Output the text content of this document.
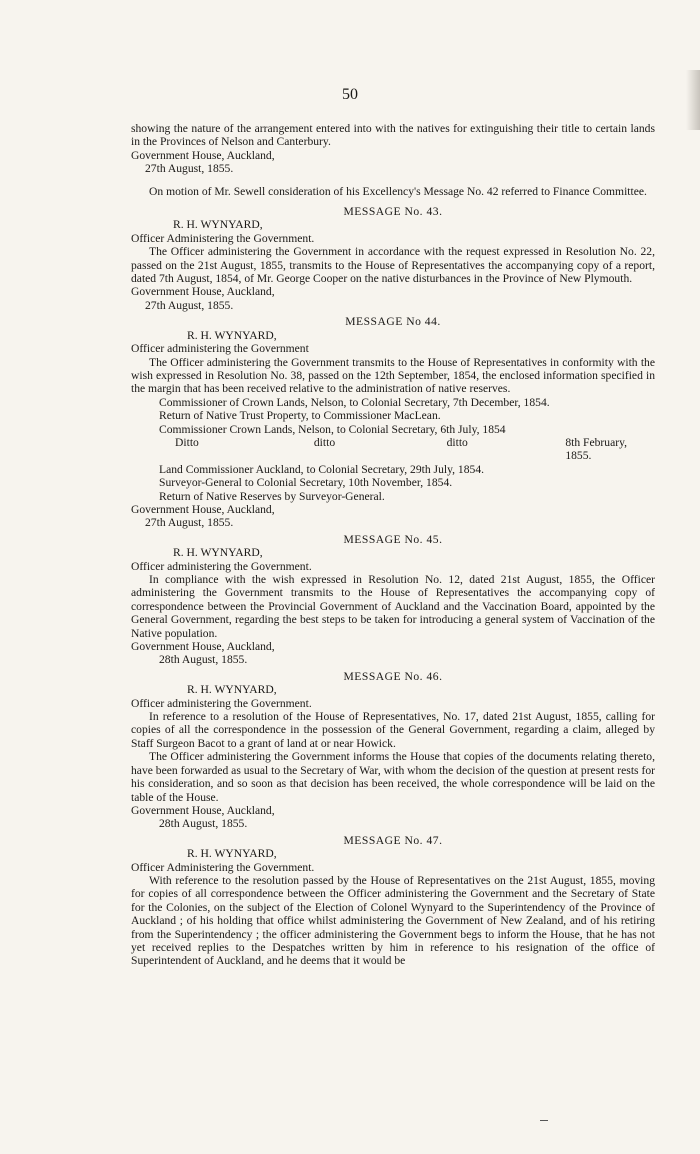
50

showing the nature of the arrangement entered into with the natives for extinguishing their title to certain lands in the Provinces of Nelson and Canterbury.

Government House, Auckland,

27th August, 1855.

On motion of Mr. Sewell consideration of his Excellency's Message No. 42 referred to Finance Committee.

MESSAGE No. 43.

R. H. WYNYARD,

Officer Administering the Government.

The Officer administering the Government in accordance with the request expressed in Resolution No. 22, passed on the 21st August, 1855, transmits to the House of Representatives the accompanying copy of a report, dated 7th August, 1854, of Mr. George Cooper on the native disturbances in the Province of New Plymouth.

Government House, Auckland,

27th August, 1855.

MESSAGE No 44.

R. H. WYNYARD,

Officer administering the Government

The Officer administering the Government transmits to the House of Representatives in conformity with the wish expressed in Resolution No. 38, passed on the 12th September, 1854, the enclosed information specified in the margin that has been received relative to the administration of native reserves.

Commissioner of Crown Lands, Nelson, to Colonial Secretary, 7th December, 1854.

Return of Native Trust Property, to Commissioner MacLean.

Commissioner Crown Lands, Nelson, to Colonial Secretary, 6th July, 1854

Ditto	ditto	ditto	8th February, 1855.

Land Commissioner Auckland, to Colonial Secretary, 29th July, 1854.

Surveyor-General to Colonial Secretary, 10th November, 1854.

Return of Native Reserves by Surveyor-General.

Government House, Auckland,

27th August, 1855.

MESSAGE No. 45.

R. H. WYNYARD,

Officer administering the Government.

In compliance with the wish expressed in Resolution No. 12, dated 21st August, 1855, the Officer administering the Government transmits to the House of Representatives the accompanying copy of correspondence between the Provincial Government of Auckland and the Vaccination Board, appointed by the General Government, regarding the best steps to be taken for introducing a general system of Vaccination of the Native population.

Government House, Auckland,

28th August, 1855.

MESSAGE No. 46.

R. H. WYNYARD,

Officer administering the Government.

In reference to a resolution of the House of Representatives, No. 17, dated 21st August, 1855, calling for copies of all the correspondence in the possession of the General Government, regarding a claim, alleged by Staff Surgeon Bacot to a grant of land at or near Howick.

The Officer administering the Government informs the House that copies of the documents relating thereto, have been forwarded as usual to the Secretary of War, with whom the decision of the question at present rests for his consideration, and so soon as that decision has been received, the whole correspondence will be laid on the table of the House.

Government House, Auckland,

28th August, 1855.

MESSAGE No. 47.

R. H. WYNYARD,

Officer Administering the Government.

With reference to the resolution passed by the House of Representatives on the 21st August, 1855, moving for copies of all correspondence between the Officer administering the Government and the Secretary of State for the Colonies, on the subject of the Election of Colonel Wynyard to the Superintendency of the Province of Auckland ; of his holding that office whilst administering the Government of New Zealand, and of his retiring from the Superintendency ; the officer administering the Government begs to inform the House, that he has not yet received replies to the Despatches written by him in reference to his resignation of the office of Superintendent of Auckland, and he deems that it would be
